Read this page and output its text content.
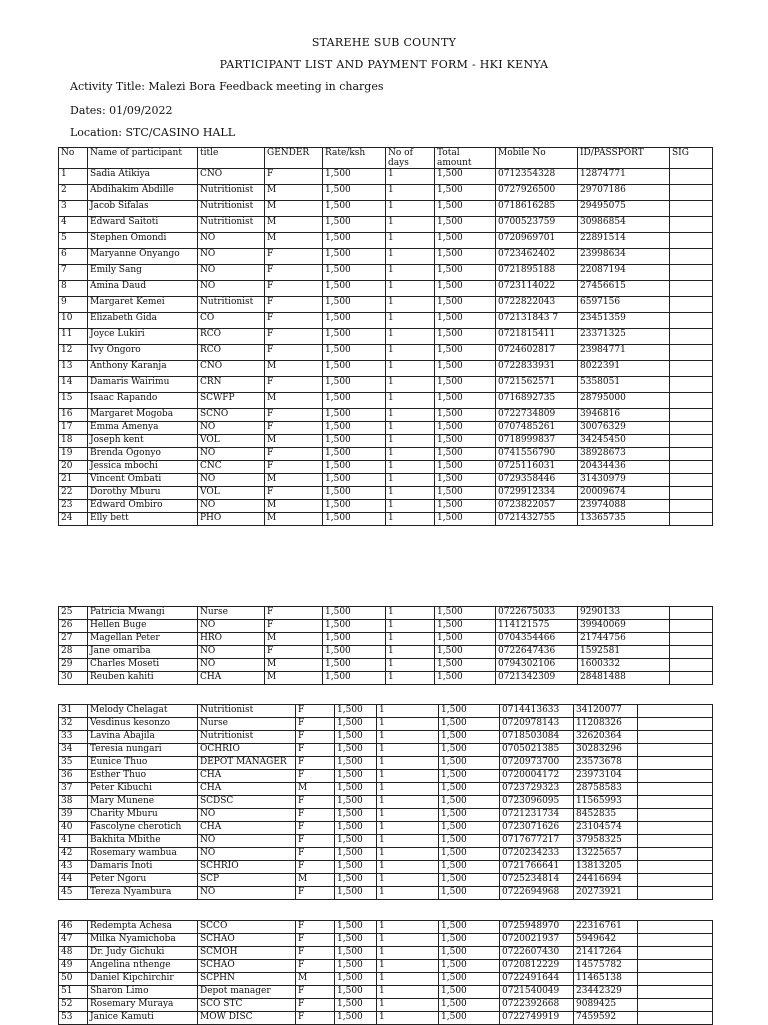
STAREHE SUB COUNTY
PARTICIPANT LIST AND PAYMENT FORM - HKI KENYA
Activity Title: Malezi Bora Feedback meeting in charges
Dates: 01/09/2022
Location: STC/CASINO HALL
No	Name of participant	title	GENDER	Rate/ksh	No of days	Total amount	Mobile No	ID/PASSPORT	SIG
1	Sadia Atikiya	CNO	F	1,500	1	1,500	0712354328	12874771	
2	Abdihakim Abdille	Nutritionist	M	1,500	1	1,500	0727926500	29707186	
3	Jacob Sifalas	Nutritionist	M	1,500	1	1,500	0718616285	29495075	
4	Edward Saitoti	Nutritionist	M	1,500	1	1,500	0700523759	30986854	
5	Stephen Omondi	NO	M	1,500	1	1,500	0720969701	22891514	
6	Maryanne Onyango	NO	F	1,500	1	1,500	0723462402	23998634	
7	Emily Sang	NO	F	1,500	1	1,500	0721895188	22087194	
8	Amina Daud	NO	F	1,500	1	1,500	0723114022	27456615	
9	Margaret Kemei	Nutritionist	F	1,500	1	1,500	0722822043	6597156	
10	Elizabeth Gida	CO	F	1,500	1	1,500	072131843 7	23451359	
11	Joyce Lukiri	RCO	F	1,500	1	1,500	0721815411	23371325	
12	Ivy Ongoro	RCO	F	1,500	1	1,500	0724602817	23984771	
13	Anthony Karanja	CNO	M	1,500	1	1,500	0722833931	8022391	
14	Damaris Wairimu	CRN	F	1,500	1	1,500	0721562571	5358051	
15	Isaac Rapando	SCWFP	M	1,500	1	1,500	0716892735	28795000	
16	Margaret Mogoba	SCNO	F	1,500	1	1,500	0722734809	3946816	
17	Emma Amenya	NO	F	1,500	1	1,500	0707485261	30076329	
18	Joseph kent	VOL	M	1,500	1	1,500	0718999837	34245450	
19	Brenda Ogonyo	NO	F	1,500	1	1,500	0741556790	38928673	
20	Jessica mbochi	CNC	F	1,500	1	1,500	0725116031	20434436	
21	Vincent Ombati	NO	M	1,500	1	1,500	0729358446	31430979	
22	Dorothy Mburu	VOL	F	1,500	1	1,500	0729912334	20009674	
23	Edward Ombiro	NO	M	1,500	1	1,500	0723822057	23974088	
24	Elly bett	PHO	M	1,500	1	1,500	0721432755	13365735	
25	Patricia Mwangi	Nurse	F	1,500	1	1,500	0722675033	9290133	
26	Hellen Buge	NO	F	1,500	1	1,500	114121575	39940069	
27	Magellan Peter	HRO	M	1,500	1	1,500	0704354466	21744756	
28	Jane omariba	NO	F	1,500	1	1,500	0722647436	1592581	
29	Charles Moseti	NO	M	1,500	1	1,500	0794302106	1600332	
30	Reuben kahiti	CHA	M	1,500	1	1,500	0721342309	28481488	
31	Melody Chelagat	Nutritionist	F	1,500	1	1,500	0714413633	34120077	
32	Vesdinus kesonzo	Nurse	F	1,500	1	1,500	0720978143	11208326	
33	Lavina Abajila	Nutritionist	F	1,500	1	1,500	0718503084	32620364	
34	Teresia nungari	OCHRIO	F	1,500	1	1,500	0705021385	30283296	
35	Eunice Thuo	DEPOT MANAGER	F	1,500	1	1,500	0720973700	23573678	
36	Esther Thuo	CHA	F	1,500	1	1,500	0720004172	23973104	
37	Peter Kibuchi	CHA	M	1,500	1	1,500	0723729323	28758583	
38	Mary Munene	SCDSC	F	1,500	1	1,500	0723096095	11565993	
39	Charity Mburu	NO	F	1,500	1	1,500	0721231734	8452835	
40	Fascolyne cherotich	CHA	F	1,500	1	1,500	0723071626	23104574	
41	Bakhita Mbithe	NO	F	1,500	1	1,500	0717677217	37958325	
42	Rosemary wambua	NO	F	1,500	1	1,500	0720234233	13225657	
43	Damaris Inoti	SCHRIO	F	1,500	1	1,500	0721766641	13813205	
44	Peter Ngoru	SCP	M	1,500	1	1,500	0725234814	24416694	
45	Tereza Nyambura	NO	F	1,500	1	1,500	0722694968	20273921	
46	Redempta Achesa	SCCO	F	1,500	1	1,500	0725948970	22316761	
47	Milka Nyamichoba	SCHAO	F	1,500	1	1,500	0720021937	5949642	
48	Dr. Judy Gichuki	SCMOH	F	1,500	1	1,500	0722607430	21417264	
49	Angelina nthenge	SCHAO	F	1,500	1	1,500	0720812229	14575782	
50	Daniel Kipchirchir	SCPHN	M	1,500	1	1,500	0722491644	11465138	
51	Sharon Limo	Depot manager	F	1,500	1	1,500	0721540049	23442329	
52	Rosemary Muraya	SCO STC	F	1,500	1	1,500	0722392668	9089425	
53	Janice Kamuti	MOW DISC	F	1,500	1	1,500	0722749919	7459592	
